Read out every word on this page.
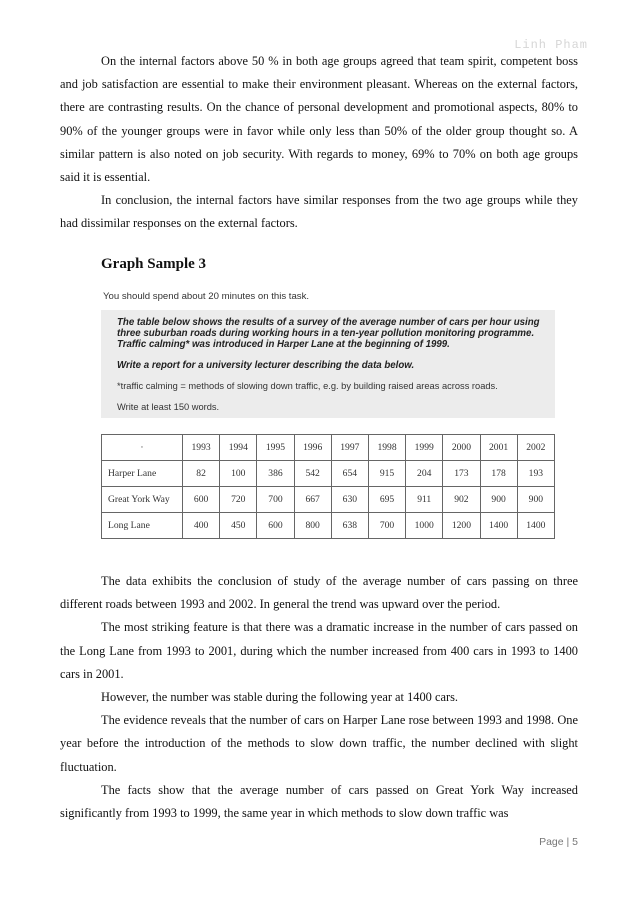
Linh Pham

On the internal factors above 50 % in both age groups agreed that team spirit, competent boss and job satisfaction are essential to make their environment pleasant. Whereas on the external factors, there are contrasting results. On the chance of personal development and promotional aspects, 80% to 90% of the younger groups were in favor while only less than 50% of the older group thought so. A similar pattern is also noted on job security. With regards to money, 69% to 70% on both age groups said it is essential.

In conclusion, the internal factors have similar responses from the two age groups while they had dissimilar responses on the external factors.

Graph Sample 3
You should spend about 20 minutes on this task.
The table below shows the results of a survey of the average number of cars per hour using three suburban roads during working hours in a ten-year pollution monitoring programme. Traffic calming* was introduced in Harper Lane at the beginning of 1999.
Write a report for a university lecturer describing the data below.
*traffic calming = methods of slowing down traffic, e.g. by building raised areas across roads.
Write at least 150 words.
·	1993	1994	1995	1996	1997	1998	1999	2000	2001	2002
Harper Lane	82	100	386	542	654	915	204	173	178	193
Great York Way	600	720	700	667	630	695	911	902	900	900
Long Lane	400	450	600	800	638	700	1000	1200	1400	1400

The data exhibits the conclusion of study of the average number of cars passing on three different roads between 1993 and 2002. In general the trend was upward over the period.

The most striking feature is that there was a dramatic increase in the number of cars passed on the Long Lane from 1993 to 2001, during which the number increased from 400 cars in 1993 to 1400 cars in 2001.

However, the number was stable during the following year at 1400 cars.

The evidence reveals that the number of cars on Harper Lane rose between 1993 and 1998. One year before the introduction of the methods to slow down traffic, the number declined with slight fluctuation.

The facts show that the average number of cars passed on Great York Way increased significantly from 1993 to 1999, the same year in which methods to slow down traffic was

Page | 5
